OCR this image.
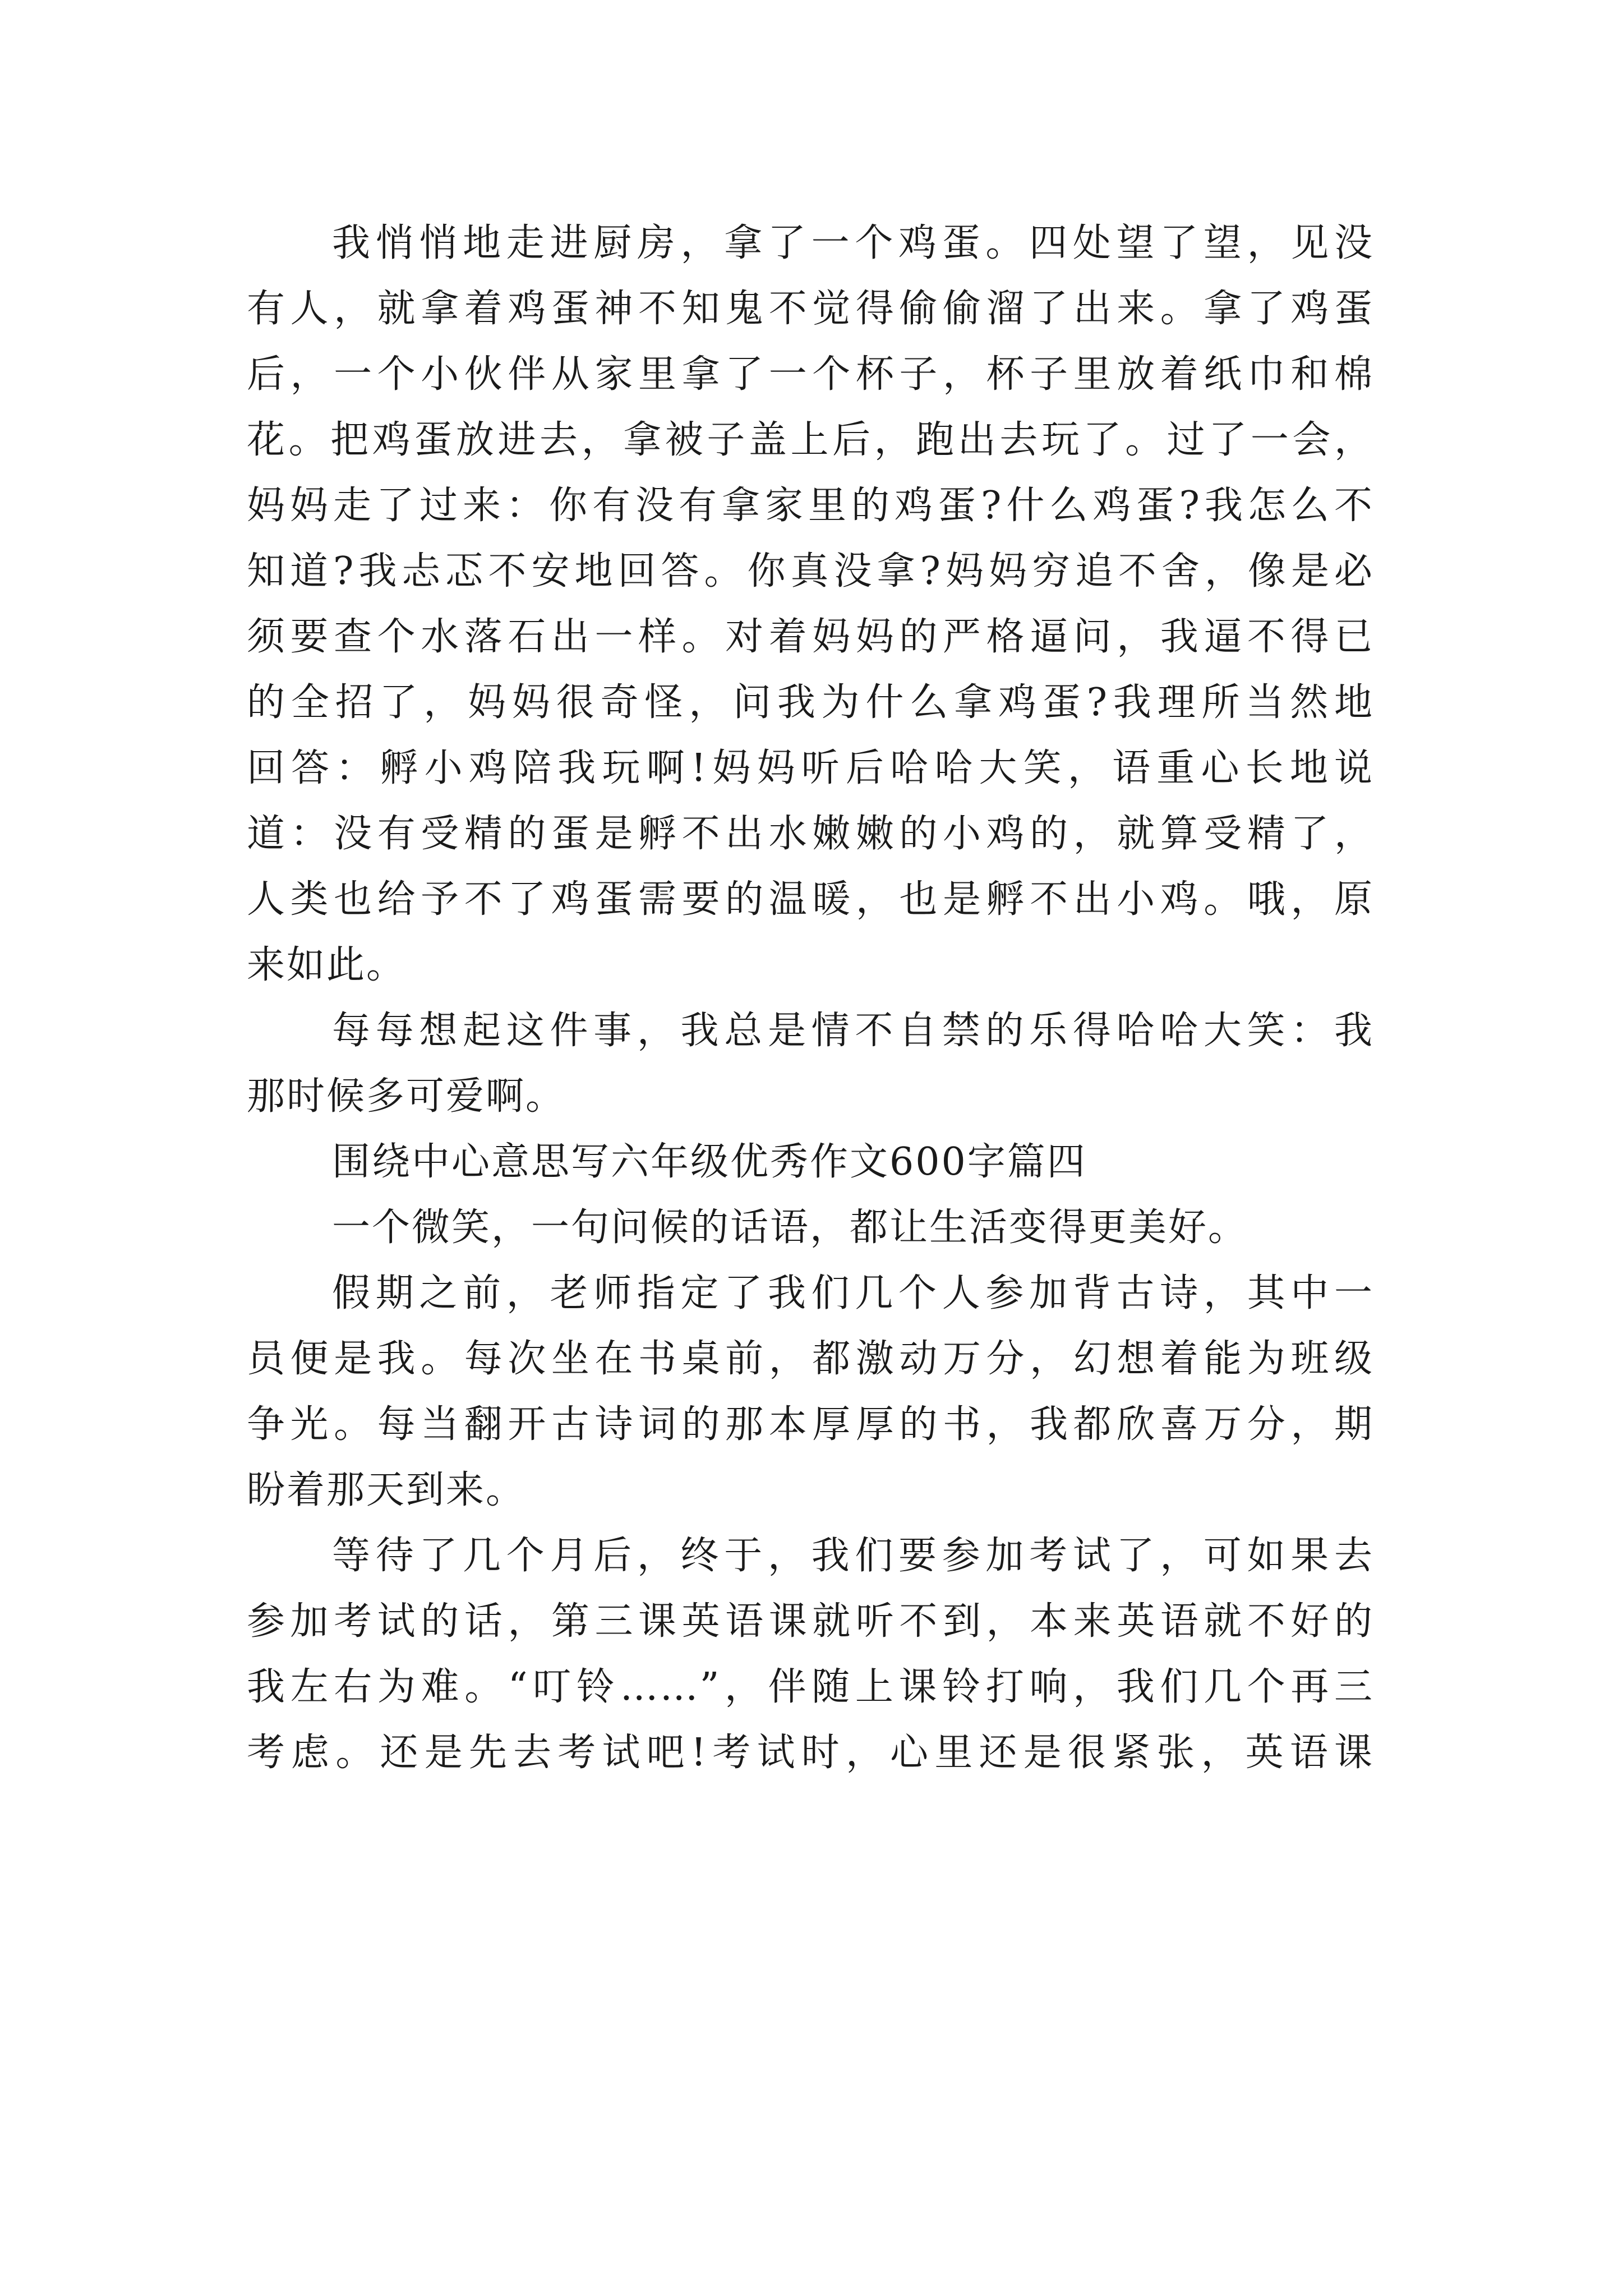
我悄悄地走进厨房，拿了一个鸡蛋。四处望了望，见没
有人，就拿着鸡蛋神不知鬼不觉得偷偷溜了出来。拿了鸡蛋
后，一个小伙伴从家里拿了一个杯子，杯子里放着纸巾和棉
花。把鸡蛋放进去，拿被子盖上后，跑出去玩了。过了一会，
妈妈走了过来：你有没有拿家里的鸡蛋?什么鸡蛋?我怎么不
知道?我忐忑不安地回答。你真没拿?妈妈穷追不舍，像是必
须要查个水落石出一样。对着妈妈的严格逼问，我逼不得已
的全招了，妈妈很奇怪，问我为什么拿鸡蛋?我理所当然地
回答：孵小鸡陪我玩啊!妈妈听后哈哈大笑，语重心长地说
道：没有受精的蛋是孵不出水嫩嫩的小鸡的，就算受精了，
人类也给予不了鸡蛋需要的温暖，也是孵不出小鸡。哦，原
来如此。
每每想起这件事，我总是情不自禁的乐得哈哈大笑：我
那时候多可爱啊。
围绕中心意思写六年级优秀作文600字篇四
一个微笑，一句问候的话语，都让生活变得更美好。
假期之前，老师指定了我们几个人参加背古诗，其中一
员便是我。每次坐在书桌前，都激动万分，幻想着能为班级
争光。每当翻开古诗词的那本厚厚的书，我都欣喜万分，期
盼着那天到来。
等待了几个月后，终于，我们要参加考试了，可如果去
参加考试的话，第三课英语课就听不到，本来英语就不好的
我左右为难。“叮铃……”，伴随上课铃打响，我们几个再三
考虑。还是先去考试吧!考试时，心里还是很紧张，英语课
